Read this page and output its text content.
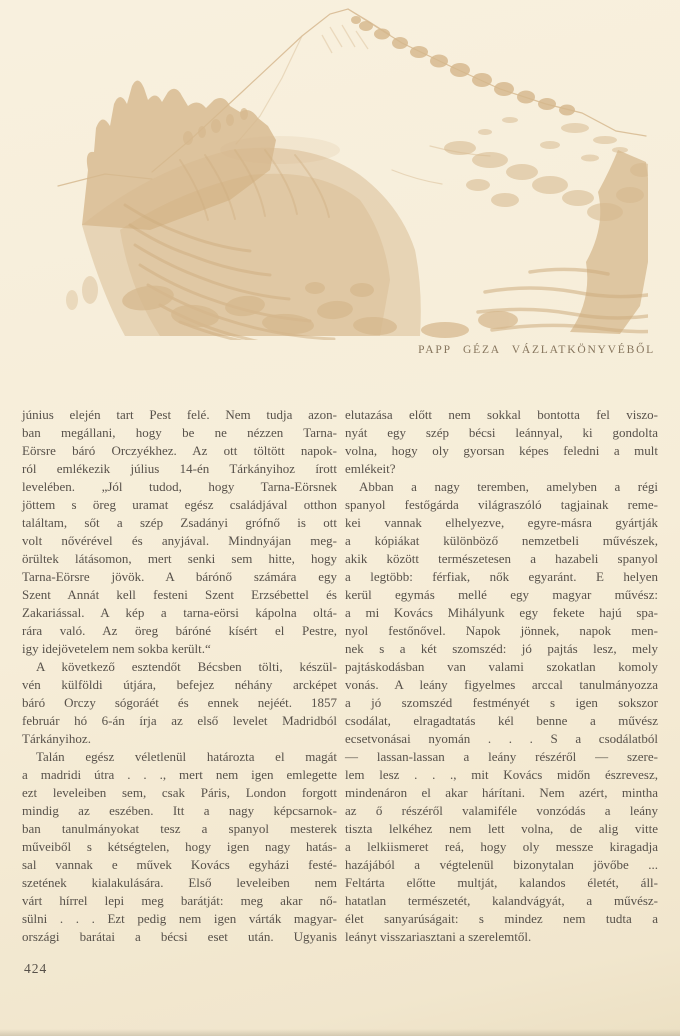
PAPP GÉZA VÁZLATKÖNYVÉBŐL
június elején tart Pest felé. Nem tudja azon-
ban megállani, hogy be ne nézzen Tarna-
Eörsre báró Orczyékhez. Az ott töltött napok-
ról emlékezik július 14-én Tárkányihoz írott
levelében. „Jól tudod, hogy Tarna-Eörsnek
jöttem s öreg uramat egész családjával otthon
találtam, sőt a szép Zsadányi grófnő is ott
volt nővérével és anyjával. Mindnyájan meg-
örültek látásomon, mert senki sem hitte, hogy
Tarna-Eörsre jövök. A bárónő számára egy
Szent Annát kell festeni Szent Erzsébettel és
Zakariással. A kép a tarna-eörsi kápolna oltá-
rára való. Az öreg báróné kísért el Pestre,
igy idejövetelem nem sokba került.“
A következő esztendőt Bécsben tölti, készül-
vén külföldi útjára, befejez néhány arcképet
báró Orczy sógoráét és ennek nejéét. 1857
február hó 6-án írja az első levelet Madridból
Tárkányihoz.
Talán egész véletlenül határozta el magát
a madridi útra . . ., mert nem igen emlegette
ezt leveleiben sem, csak Páris, London forgott
mindig az eszében. Itt a nagy képcsarnok-
ban tanulmányokat tesz a spanyol mesterek
műveiből s kétségtelen, hogy igen nagy hatás-
sal vannak e művek Kovács egyházi festé-
szetének kialakulására. Első leveleiben nem
várt hírrel lepi meg barátját: meg akar nő-
sülni . . . Ezt pedig nem igen várták magyar-
országi barátai a bécsi eset után. Ugyanis
elutazása előtt nem sokkal bontotta fel viszo-
nyát egy szép bécsi leánnyal, ki gondolta
volna, hogy oly gyorsan képes feledni a mult
emlékeit?
Abban a nagy teremben, amelyben a régi
spanyol festőgárda világraszóló tagjainak reme-
kei vannak elhelyezve, egyre-másra gyártják
a kópiákat különböző nemzetbeli művészek,
akik között természetesen a hazabeli spanyol
a legtöbb: férfiak, nők egyaránt. E helyen
kerül egymás mellé egy magyar művész:
a mi Kovács Mihályunk egy fekete hajú spa-
nyol festőnővel. Napok jönnek, napok men-
nek s a két szomszéd: jó pajtás lesz, mely
pajtáskodásban van valami szokatlan komoly
vonás. A leány figyelmes arccal tanulmányozza
a jó szomszéd festményét s igen sokszor
csodálat, elragadtatás kél benne a művész
ecsetvonásai nyomán . . . S a csodálatból
— lassan-lassan a leány részéről — szere-
lem lesz . . ., mit Kovács midőn észrevesz,
mindenáron el akar hárítani. Nem azért, mintha
az ő részéről valamiféle vonzódás a leány
tiszta lelkéhez nem lett volna, de alig vitte
a lelkiismeret reá, hogy oly messze kiragadja
hazájából a végtelenül bizonytalan jövőbe ...
Feltárta előtte multját, kalandos életét, áll-
hatatlan természetét, kalandvágyát, a művész-
élet sanyarúságait: s mindez nem tudta a
leányt visszariasztani a szerelemtől.
424
